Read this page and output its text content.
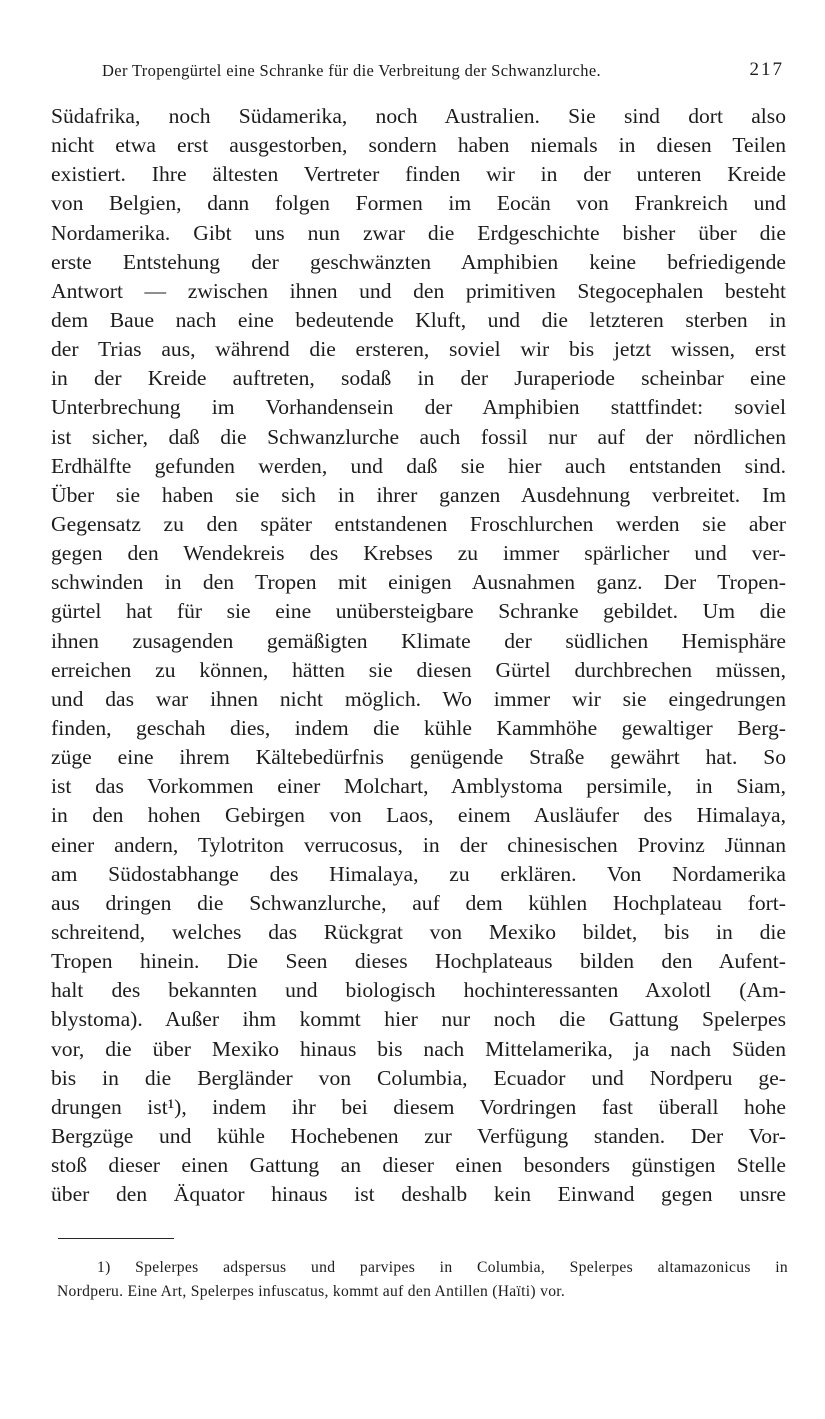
Der Tropengürtel eine Schranke für die Verbreitung der Schwanzlurche.	217
Südafrika, noch Südamerika, noch Australien. Sie sind dort also
nicht etwa erst ausgestorben, sondern haben niemals in diesen Teilen
existiert. Ihre ältesten Vertreter finden wir in der unteren Kreide
von Belgien, dann folgen Formen im Eocän von Frankreich und
Nordamerika. Gibt uns nun zwar die Erdgeschichte bisher über die
erste Entstehung der geschwänzten Amphibien keine befriedigende
Antwort — zwischen ihnen und den primitiven Stegocephalen besteht
dem Baue nach eine bedeutende Kluft, und die letzteren sterben in
der Trias aus, während die ersteren, soviel wir bis jetzt wissen, erst
in der Kreide auftreten, sodaß in der Juraperiode scheinbar eine
Unterbrechung im Vorhandensein der Amphibien stattfindet: soviel
ist sicher, daß die Schwanzlurche auch fossil nur auf der nördlichen
Erdhälfte gefunden werden, und daß sie hier auch entstanden sind.
Über sie haben sie sich in ihrer ganzen Ausdehnung verbreitet. Im
Gegensatz zu den später entstandenen Froschlurchen werden sie aber
gegen den Wendekreis des Krebses zu immer spärlicher und ver-
schwinden in den Tropen mit einigen Ausnahmen ganz. Der Tropen-
gürtel hat für sie eine unübersteigbare Schranke gebildet. Um die
ihnen zusagenden gemäßigten Klimate der südlichen Hemisphäre
erreichen zu können, hätten sie diesen Gürtel durchbrechen müssen,
und das war ihnen nicht möglich. Wo immer wir sie eingedrungen
finden, geschah dies, indem die kühle Kammhöhe gewaltiger Berg-
züge eine ihrem Kältebedürfnis genügende Straße gewährt hat. So
ist das Vorkommen einer Molchart, Amblystoma persimile, in Siam,
in den hohen Gebirgen von Laos, einem Ausläufer des Himalaya,
einer andern, Tylotriton verrucosus, in der chinesischen Provinz Jünnan
am Südostabhange des Himalaya, zu erklären. Von Nordamerika
aus dringen die Schwanzlurche, auf dem kühlen Hochplateau fort-
schreitend, welches das Rückgrat von Mexiko bildet, bis in die
Tropen hinein. Die Seen dieses Hochplateaus bilden den Aufent-
halt des bekannten und biologisch hochinteressanten Axolotl (Am-
blystoma). Außer ihm kommt hier nur noch die Gattung Spelerpes
vor, die über Mexiko hinaus bis nach Mittelamerika, ja nach Süden
bis in die Bergländer von Columbia, Ecuador und Nordperu ge-
drungen ist¹), indem ihr bei diesem Vordringen fast überall hohe
Bergzüge und kühle Hochebenen zur Verfügung standen. Der Vor-
stoß dieser einen Gattung an dieser einen besonders günstigen Stelle
über den Äquator hinaus ist deshalb kein Einwand gegen unsre
1) Spelerpes adspersus und parvipes in Columbia, Spelerpes altamazonicus in
Nordperu. Eine Art, Spelerpes infuscatus, kommt auf den Antillen (Haïti) vor.
